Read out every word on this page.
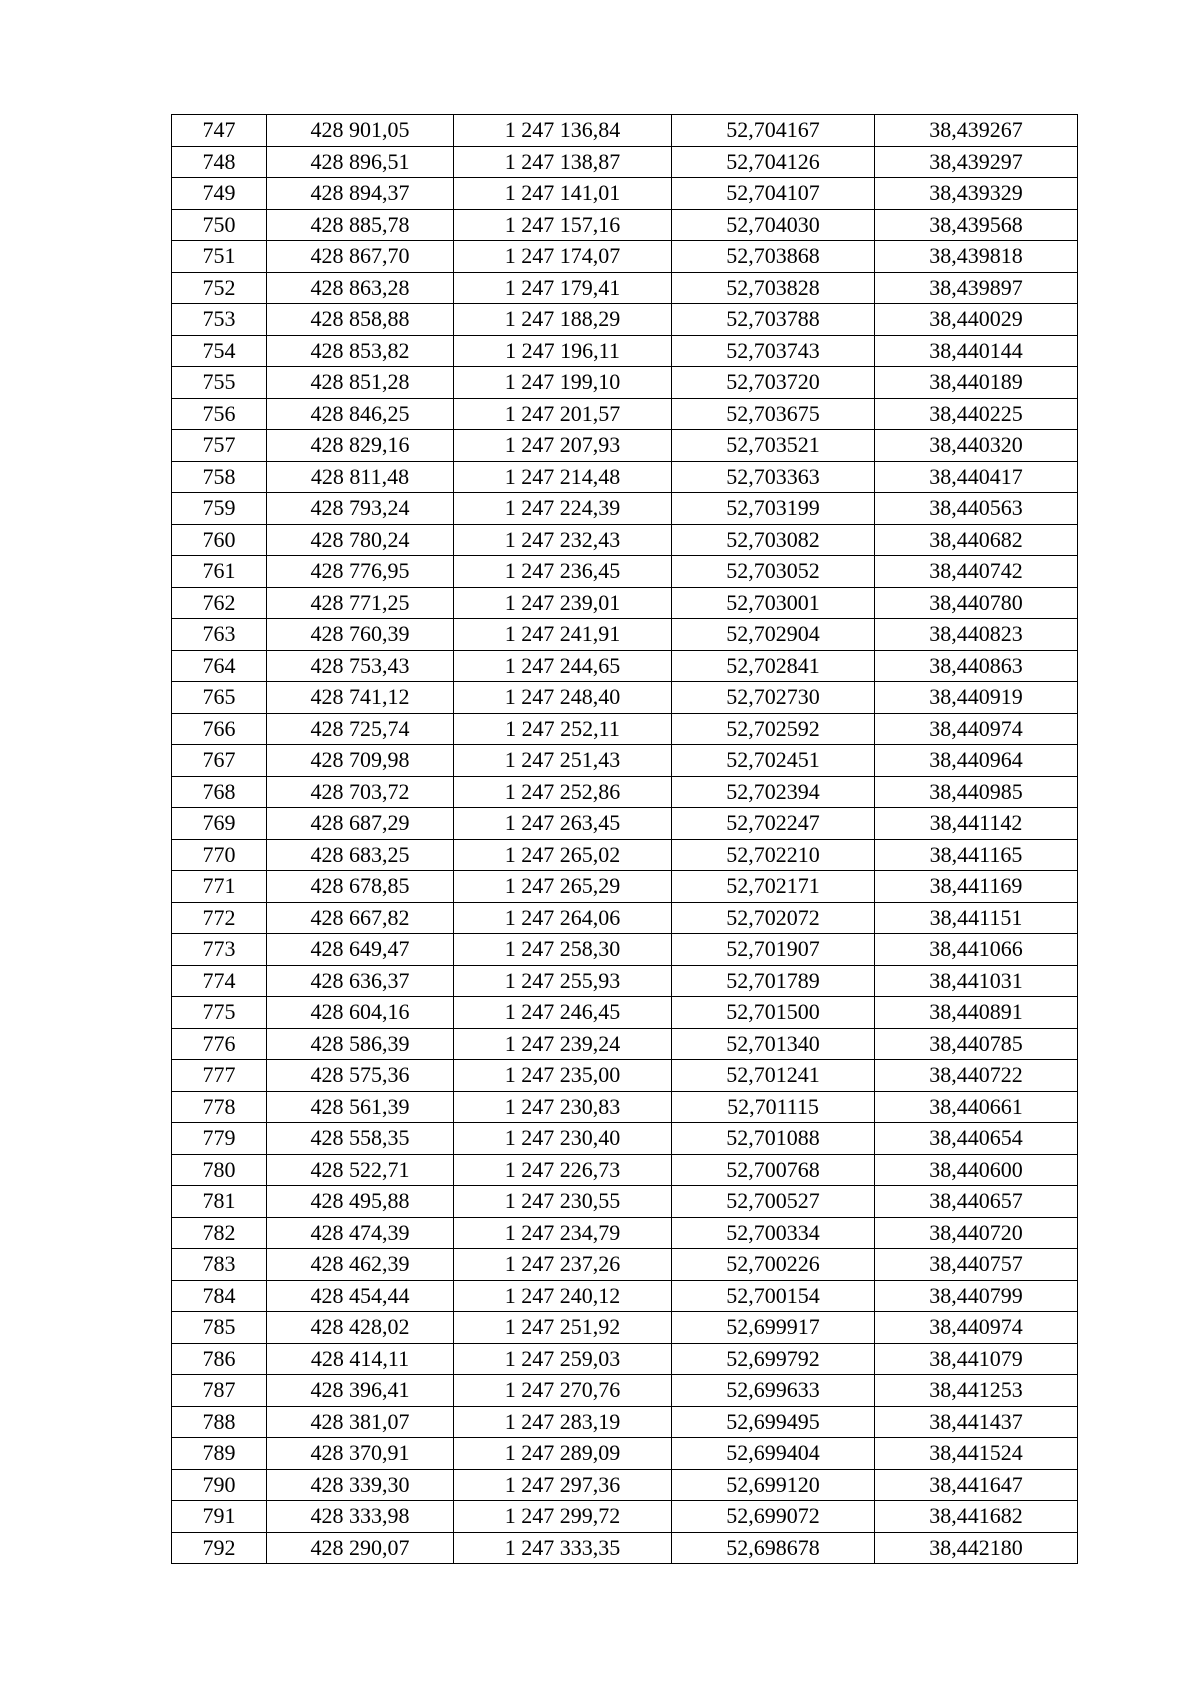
747	428 901,05	1 247 136,84	52,704167	38,439267
748	428 896,51	1 247 138,87	52,704126	38,439297
749	428 894,37	1 247 141,01	52,704107	38,439329
750	428 885,78	1 247 157,16	52,704030	38,439568
751	428 867,70	1 247 174,07	52,703868	38,439818
752	428 863,28	1 247 179,41	52,703828	38,439897
753	428 858,88	1 247 188,29	52,703788	38,440029
754	428 853,82	1 247 196,11	52,703743	38,440144
755	428 851,28	1 247 199,10	52,703720	38,440189
756	428 846,25	1 247 201,57	52,703675	38,440225
757	428 829,16	1 247 207,93	52,703521	38,440320
758	428 811,48	1 247 214,48	52,703363	38,440417
759	428 793,24	1 247 224,39	52,703199	38,440563
760	428 780,24	1 247 232,43	52,703082	38,440682
761	428 776,95	1 247 236,45	52,703052	38,440742
762	428 771,25	1 247 239,01	52,703001	38,440780
763	428 760,39	1 247 241,91	52,702904	38,440823
764	428 753,43	1 247 244,65	52,702841	38,440863
765	428 741,12	1 247 248,40	52,702730	38,440919
766	428 725,74	1 247 252,11	52,702592	38,440974
767	428 709,98	1 247 251,43	52,702451	38,440964
768	428 703,72	1 247 252,86	52,702394	38,440985
769	428 687,29	1 247 263,45	52,702247	38,441142
770	428 683,25	1 247 265,02	52,702210	38,441165
771	428 678,85	1 247 265,29	52,702171	38,441169
772	428 667,82	1 247 264,06	52,702072	38,441151
773	428 649,47	1 247 258,30	52,701907	38,441066
774	428 636,37	1 247 255,93	52,701789	38,441031
775	428 604,16	1 247 246,45	52,701500	38,440891
776	428 586,39	1 247 239,24	52,701340	38,440785
777	428 575,36	1 247 235,00	52,701241	38,440722
778	428 561,39	1 247 230,83	52,701115	38,440661
779	428 558,35	1 247 230,40	52,701088	38,440654
780	428 522,71	1 247 226,73	52,700768	38,440600
781	428 495,88	1 247 230,55	52,700527	38,440657
782	428 474,39	1 247 234,79	52,700334	38,440720
783	428 462,39	1 247 237,26	52,700226	38,440757
784	428 454,44	1 247 240,12	52,700154	38,440799
785	428 428,02	1 247 251,92	52,699917	38,440974
786	428 414,11	1 247 259,03	52,699792	38,441079
787	428 396,41	1 247 270,76	52,699633	38,441253
788	428 381,07	1 247 283,19	52,699495	38,441437
789	428 370,91	1 247 289,09	52,699404	38,441524
790	428 339,30	1 247 297,36	52,699120	38,441647
791	428 333,98	1 247 299,72	52,699072	38,441682
792	428 290,07	1 247 333,35	52,698678	38,442180
